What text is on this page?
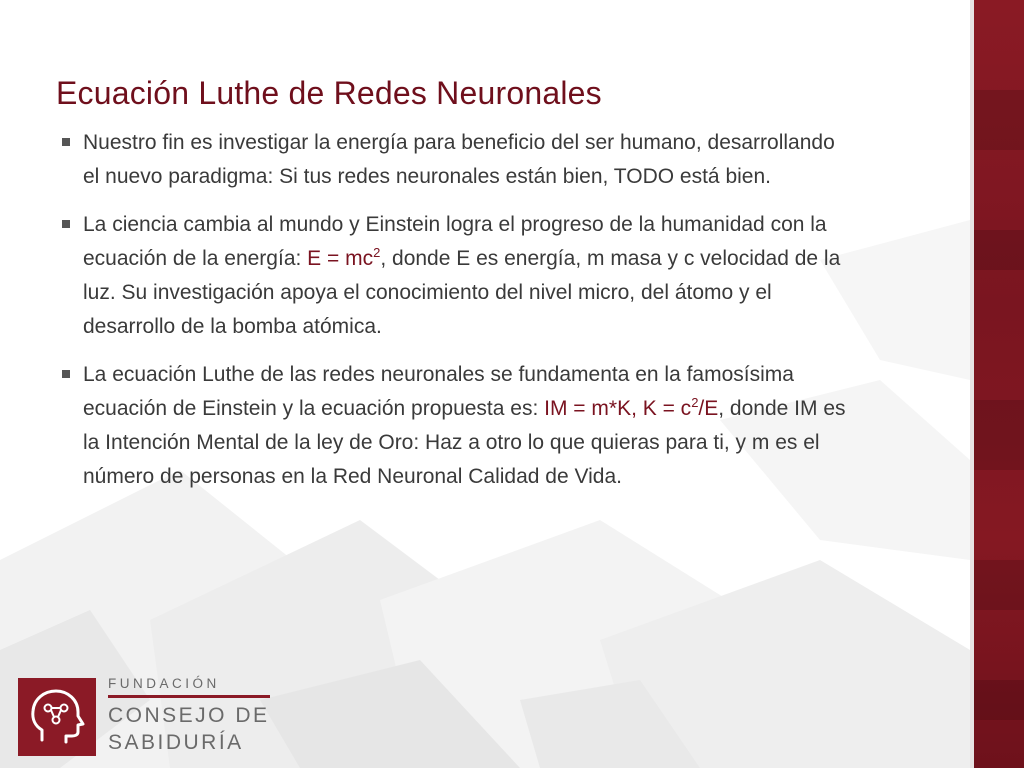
Ecuación Luthe de Redes Neuronales
Nuestro fin es investigar la energía para beneficio del ser humano, desarrollando el nuevo paradigma: Si tus redes neuronales están bien, TODO está bien.
La ciencia cambia al mundo y Einstein logra el progreso de la humanidad con la ecuación de la energía: $E = mc^2$, donde E es energía, m masa y c velocidad de la luz. Su investigación apoya el conocimiento del nivel micro, del átomo y el desarrollo de la bomba atómica.
La ecuación Luthe de las redes neuronales se fundamenta en la famosísima ecuación de Einstein y la ecuación propuesta es: IM = m*K, $K = c^2/E$, donde IM es la Intención Mental de la ley de Oro: Haz a otro lo que quieras para ti, y m es el número de personas en la Red Neuronal Calidad de Vida.
FUNDACIÓN
CONSEJO DE
SABIDURÍA
